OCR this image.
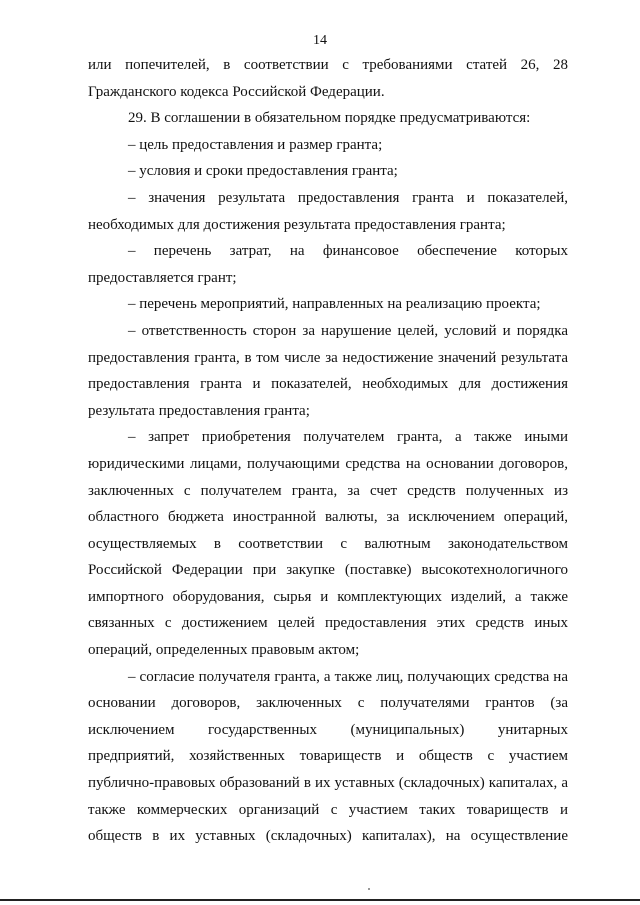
14

или попечителей, в соответствии с требованиями статей 26, 28 Гражданского кодекса Российской Федерации.

29. В соглашении в обязательном порядке предусматриваются:

– цель предоставления и размер гранта;

– условия и сроки предоставления гранта;

– значения результата предоставления гранта и показателей, необходимых для достижения результата предоставления гранта;

– перечень затрат, на финансовое обеспечение которых предоставляется грант;

– перечень мероприятий, направленных на реализацию проекта;

– ответственность сторон за нарушение целей, условий и порядка предоставления гранта, в том числе за недостижение значений результата предоставления гранта и показателей, необходимых для достижения результата предоставления гранта;

– запрет приобретения получателем гранта, а также иными юридическими лицами, получающими средства на основании договоров, заключенных с получателем гранта, за счет средств полученных из областного бюджета иностранной валюты, за исключением операций, осуществляемых в соответствии с валютным законодательством Российской Федерации при закупке (поставке) высокотехнологичного импортного оборудования, сырья и комплектующих изделий, а также связанных с достижением целей предоставления этих средств иных операций, определенных правовым актом;

– согласие получателя гранта, а также лиц, получающих средства на основании договоров, заключенных с получателями грантов (за исключением государственных (муниципальных) унитарных предприятий, хозяйственных товариществ и обществ с участием публично-правовых образований в их уставных (складочных) капиталах, а также коммерческих организаций с участием таких товариществ и обществ в их уставных (складочных) капиталах), на осуществление
